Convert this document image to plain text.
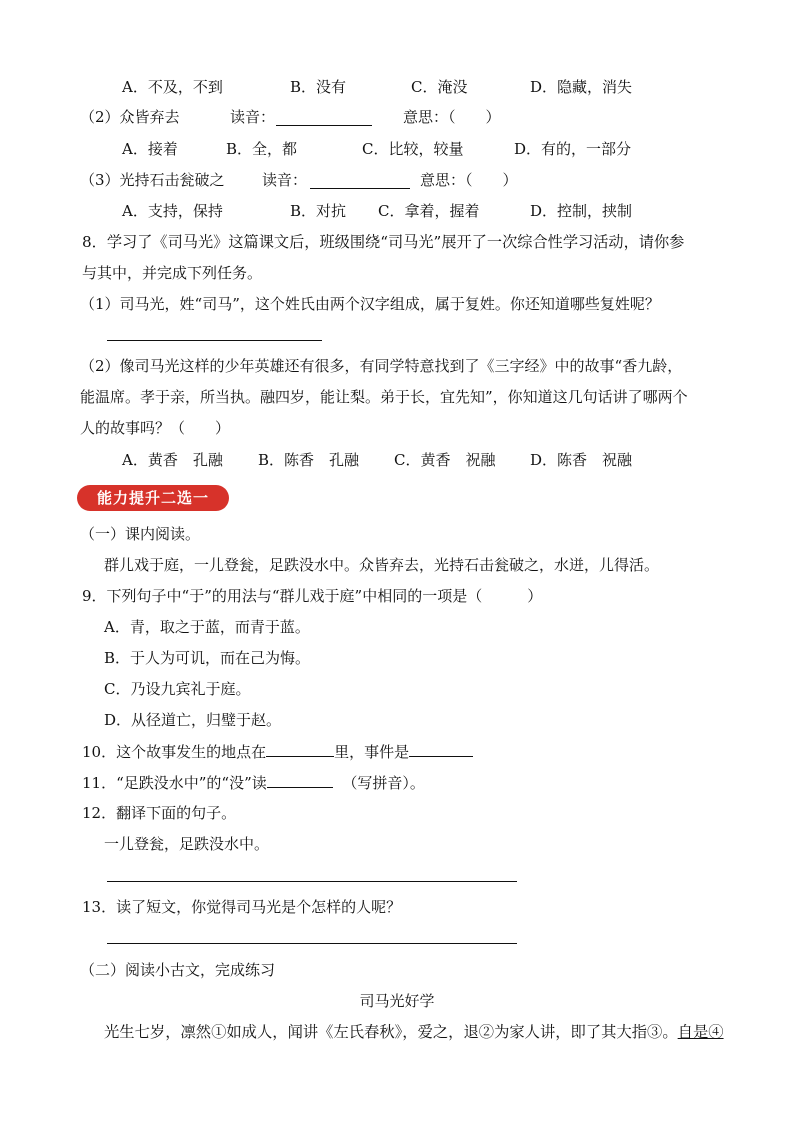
A．不及，不到	B．没有	C．淹没	D．隐藏，消失
（2）众皆弃去	读音：	意思：（　　）
A．接着	B．全，都	C．比较，较量	D．有的，一部分
（3）光持石击瓮破之 读音：	意思：（　　）
A．支持，保持	B．对抗 C．拿着，握着	D．控制，挟制
8．学习了《司马光》这篇课文后，班级围绕“司马光”展开了一次综合性学习活动，请你参
与其中，并完成下列任务。
（1）司马光，姓“司马”，这个姓氏由两个汉字组成，属于复姓。你还知道哪些复姓呢？
（2）像司马光这样的少年英雄还有很多，有同学特意找到了《三字经》中的故事“香九龄，
能温席。孝于亲，所当执。融四岁，能让梨。弟于长，宜先知”，你知道这几句话讲了哪两个
人的故事吗？（　　）
A．黄香　孔融 B．陈香　孔融 C．黄香　祝融 D．陈香　祝融
能力提升二选一
（一）课内阅读。
群儿戏于庭，一儿登瓮，足跌没水中。众皆弃去，光持石击瓮破之，水迸，儿得活。
9．下列句子中“于”的用法与“群儿戏于庭”中相同的一项是（　　　）
A．青，取之于蓝，而青于蓝。
B．于人为可讥，而在己为悔。
C．乃设九宾礼于庭。
D．从径道亡，归璧于赵。
10．这个故事发生的地点在	里，事件是
11．“足跌没水中”的“没”读	（写拼音）。
12．翻译下面的句子。
一儿登瓮，足跌没水中。
13．读了短文，你觉得司马光是个怎样的人呢？
（二）阅读小古文，完成练习
司马光好学
光生七岁，凛然①如成人，闻讲《左氏春秋》，爱之，退②为家人讲，即了其大指③。自是④
